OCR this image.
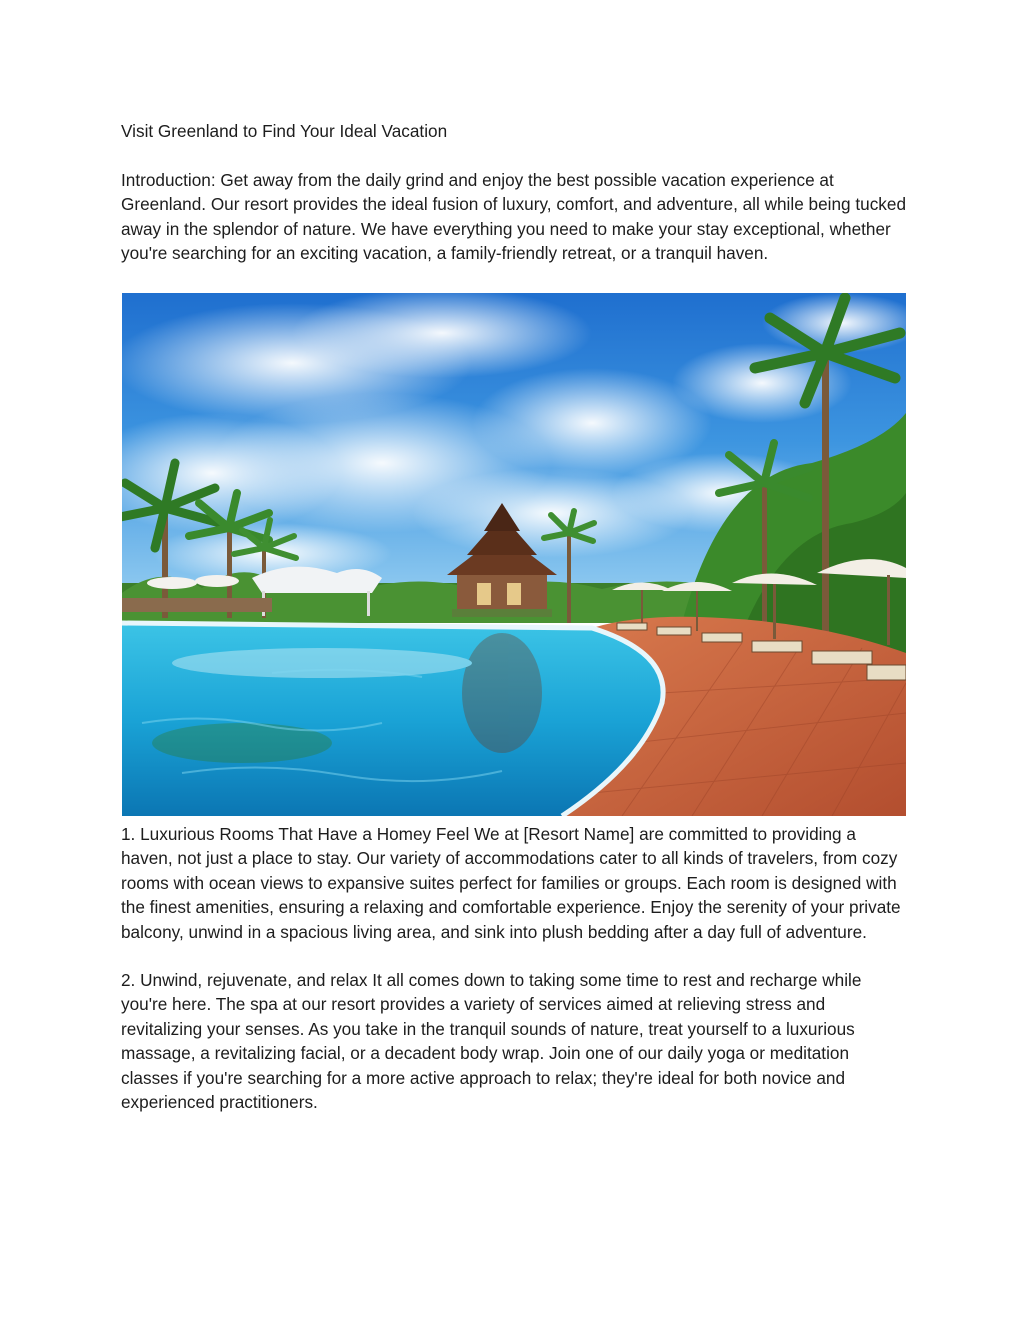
Visit Greenland to Find Your Ideal Vacation

Introduction: Get away from the daily grind and enjoy the best possible vacation experience at Greenland. Our resort provides the ideal fusion of luxury, comfort, and adventure, all while being tucked away in the splendor of nature. We have everything you need to make your stay exceptional, whether you're searching for an exciting vacation, a family-friendly retreat, or a tranquil haven.

1. Luxurious Rooms That Have a Homey Feel We at [Resort Name] are committed to providing a haven, not just a place to stay. Our variety of accommodations cater to all kinds of travelers, from cozy rooms with ocean views to expansive suites perfect for families or groups. Each room is designed with the finest amenities, ensuring a relaxing and comfortable experience. Enjoy the serenity of your private balcony, unwind in a spacious living area, and sink into plush bedding after a day full of adventure.

2. Unwind, rejuvenate, and relax It all comes down to taking some time to rest and recharge while you're here. The spa at our resort provides a variety of services aimed at relieving stress and revitalizing your senses. As you take in the tranquil sounds of nature, treat yourself to a luxurious massage, a revitalizing facial, or a decadent body wrap. Join one of our daily yoga or meditation classes if you're searching for a more active approach to relax; they're ideal for both novice and experienced practitioners.
